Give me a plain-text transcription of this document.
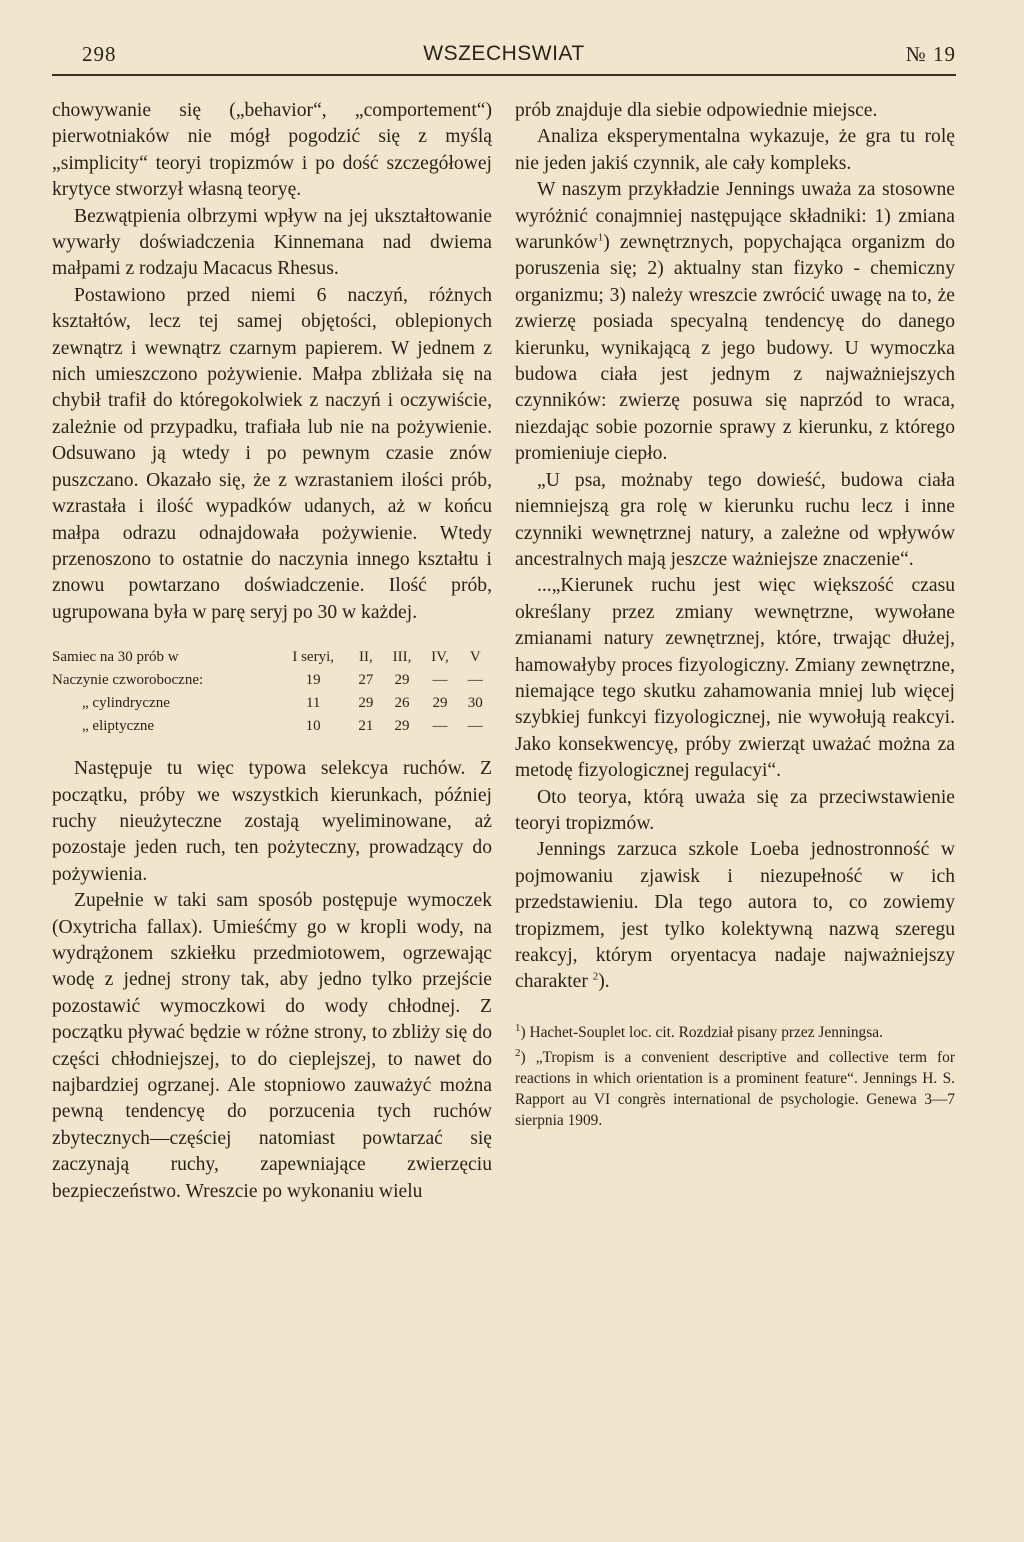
298	WSZECHSWIAT	№ 19

chowywanie się („behavior“, „comportement“) pierwotniaków nie mógł pogodzić się z myślą „simplicity“ teoryi tropizmów i po dość szczegółowej krytyce stworzył własną teoryę.

Bezwątpienia olbrzymi wpływ na jej ukształtowanie wywarły doświadczenia Kinnemana nad dwiema małpami z rodzaju Macacus Rhesus.

Postawiono przed niemi 6 naczyń, różnych kształtów, lecz tej samej objętości, oblepionych zewnątrz i wewnątrz czarnym papierem. W jednem z nich umieszczono pożywienie. Małpa zbliżała się na chybił trafił do któregokolwiek z naczyń i oczywiście, zależnie od przypadku, trafiała lub nie na pożywienie. Odsuwano ją wtedy i po pewnym czasie znów puszczano. Okazało się, że z wzrastaniem ilości prób, wzrastała i ilość wypadków udanych, aż w końcu małpa odrazu odnajdowała pożywienie. Wtedy przenoszono to ostatnie do naczynia innego kształtu i znowu powtarzano doświadczenie. Ilość prób, ugrupowana była w parę seryj po 30 w każdej.

Samiec na 30 prób w	I seryi,	II,	III,	IV,	V
Naczynie czworoboczne:	19	27	29	—	—
„ cylindryczne	11	29	26	29	30
„ eliptyczne	10	21	29	—	—

Następuje tu więc typowa selekcya ruchów. Z początku, próby we wszystkich kierunkach, później ruchy nieużyteczne zostają wyeliminowane, aż pozostaje jeden ruch, ten pożyteczny, prowadzący do pożywienia.

Zupełnie w taki sam sposób postępuje wymoczek (Oxytricha fallax). Umieśćmy go w kropli wody, na wydrążonem szkiełku przedmiotowem, ogrzewając wodę z jednej strony tak, aby jedno tylko przejście pozostawić wymoczkowi do wody chłodnej. Z początku pływać będzie w różne strony, to zbliży się do części chłodniejszej, to do cieplejszej, to nawet do najbardziej ogrzanej. Ale stopniowo zauważyć można pewną tendencyę do porzucenia tych ruchów zbytecznych—częściej natomiast powtarzać się zaczynają ruchy, zapewniające zwierzęciu bezpieczeństwo. Wreszcie po wykonaniu wielu

prób znajduje dla siebie odpowiednie miejsce.

Analiza eksperymentalna wykazuje, że gra tu rolę nie jeden jakiś czynnik, ale cały kompleks.

W naszym przykładzie Jennings uważa za stosowne wyróżnić conajmniej następujące składniki: 1) zmiana warunków$^1$) zewnętrznych, popychająca organizm do poruszenia się; 2) aktualny stan fizyko - chemiczny organizmu; 3) należy wreszcie zwrócić uwagę na to, że zwierzę posiada specyalną tendencyę do danego kierunku, wynikającą z jego budowy. U wymoczka budowa ciała jest jednym z najważniejszych czynników: zwierzę posuwa się naprzód to wraca, niezdając sobie pozornie sprawy z kierunku, z którego promieniuje ciepło.

„U psa, możnaby tego dowieść, budowa ciała niemniejszą gra rolę w kierunku ruchu lecz i inne czynniki wewnętrznej natury, a zależne od wpływów ancestralnych mają jeszcze ważniejsze znaczenie“.

...„Kierunek ruchu jest więc większość czasu określany przez zmiany wewnętrzne, wywołane zmianami natury zewnętrznej, które, trwając dłużej, hamowałyby proces fizyologiczny. Zmiany zewnętrzne, niemające tego skutku zahamowania mniej lub więcej szybkiej funkcyi fizyologicznej, nie wywołują reakcyi. Jako konsekwencyę, próby zwierząt uważać można za metodę fizyologicznej regulacyi“.

Oto teorya, którą uważa się za przeciwstawienie teoryi tropizmów.

Jennings zarzuca szkole Loeba jednostronność w pojmowaniu zjawisk i niezupełność w ich przedstawieniu. Dla tego autora to, co zowiemy tropizmem, jest tylko kolektywną nazwą szeregu reakcyj, którym oryentacya nadaje najważniejszy charakter $^2$).

$^1$) Hachet-Souplet loc. cit. Rozdział pisany przez Jenningsa.

$^2$) „Tropism is a convenient descriptive and collective term for reactions in which orientation is a prominent feature“. Jennings H. S. Rapport au VI congrès international de psychologie. Genewa 3—7 sierpnia 1909.
